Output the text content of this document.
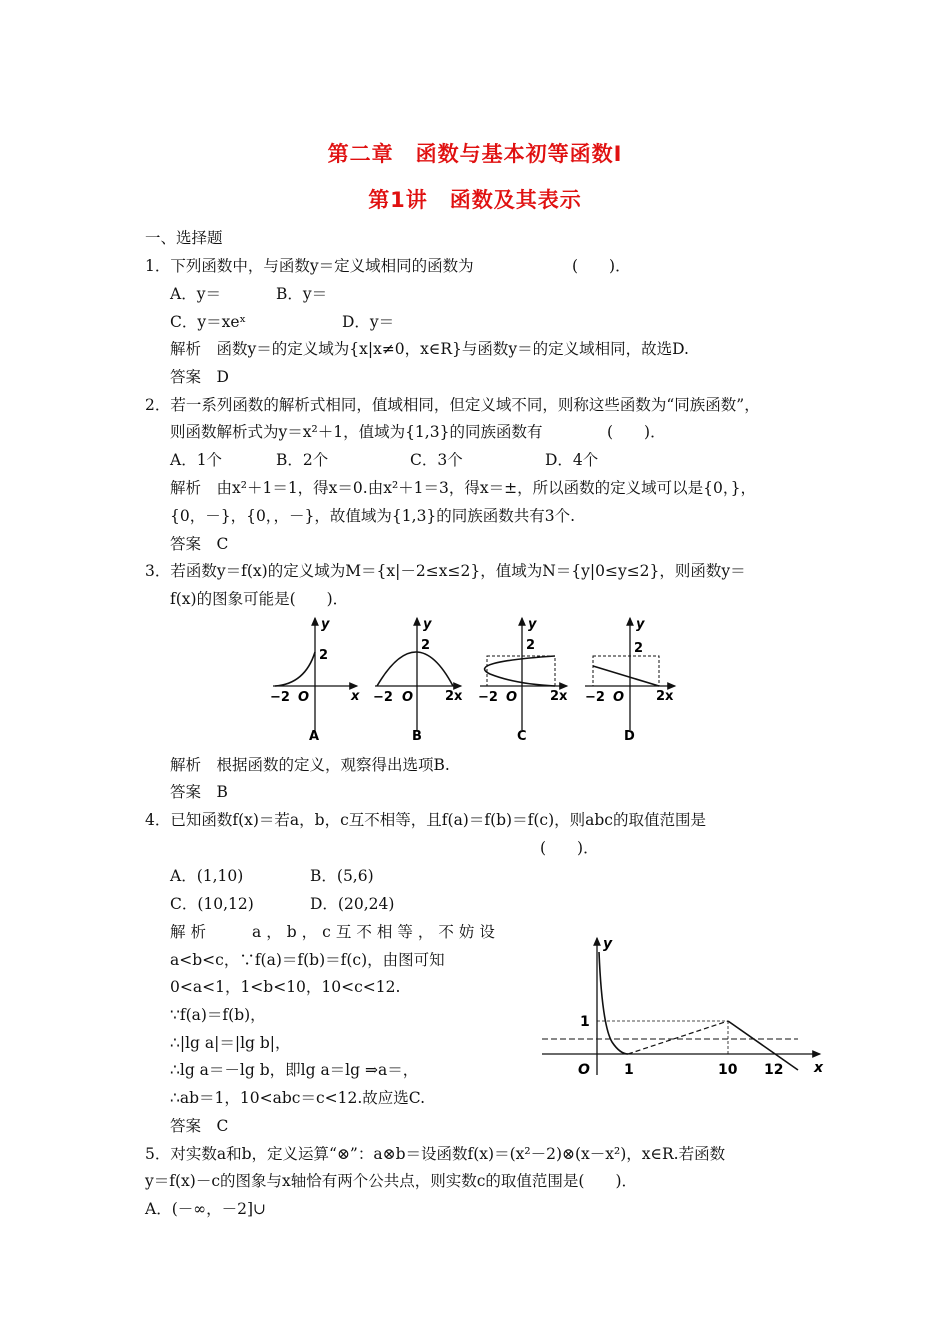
第二章　函数与基本初等函数Ⅰ
第1讲　函数及其表示
一、选择题
1．下列函数中，与函数y＝定义域相同的函数为	(　　)．
A．y＝	B．y＝
C．y＝xeˣ	D．y＝
解析　函数y＝的定义域为{x|x≠0，x∈R}与函数y＝的定义域相同，故选D.
答案　D
2．若一系列函数的解析式相同，值域相同，但定义域不同，则称这些函数为“同族函数”，
则函数解析式为y＝x²＋1，值域为{1,3}的同族函数有	(　　)．
A．1个	B．2个	C．3个	D．4个
解析　由x²＋1＝1，得x＝0.由x²＋1＝3，得x＝±，所以函数的定义域可以是{0，}，
{0，－}，{0，，－}，故值域为{1,3}的同族函数共有3个.
答案　C
3．若函数y＝f(x)的定义域为M＝{x|－2≤x≤2}，值域为N＝{y|0≤y≤2}，则函数y＝
f(x)的图象可能是(　　)．
y
2
−2 O	x
A
y
2
−2 O 2x
B
y
2
−2 O	2x
C
y
2
−2 O 2x
D
解析　根据函数的定义，观察得出选项B.
答案　B
4．已知函数f(x)＝若a，b，c互不相等，且f(a)＝f(b)＝f(c)，则abc的取值范围是
(　　)．
A．(1,10)	B．(5,6)
C．(10,12)	D．(20,24)
解析　　a，b，c互不相等，不妨设
a<b<c，∵f(a)＝f(b)＝f(c)，由图可知
0<a<1，1<b<10，10<c<12.
∵f(a)＝f(b)，
∴|lg a|＝|lg b|，
∴lg a＝－lg b，即lg a＝lg ⇒a＝，
∴ab＝1，10<abc＝c<12.故应选C.
答案　C
y
1
O 1	10 12 x
5．对实数a和b，定义运算“⊗”：a⊗b＝设函数f(x)＝(x²－2)⊗(x－x²)，x∈R.若函数
y＝f(x)－c的图象与x轴恰有两个公共点，则实数c的取值范围是(　　)．
A．(－∞，－2]∪
